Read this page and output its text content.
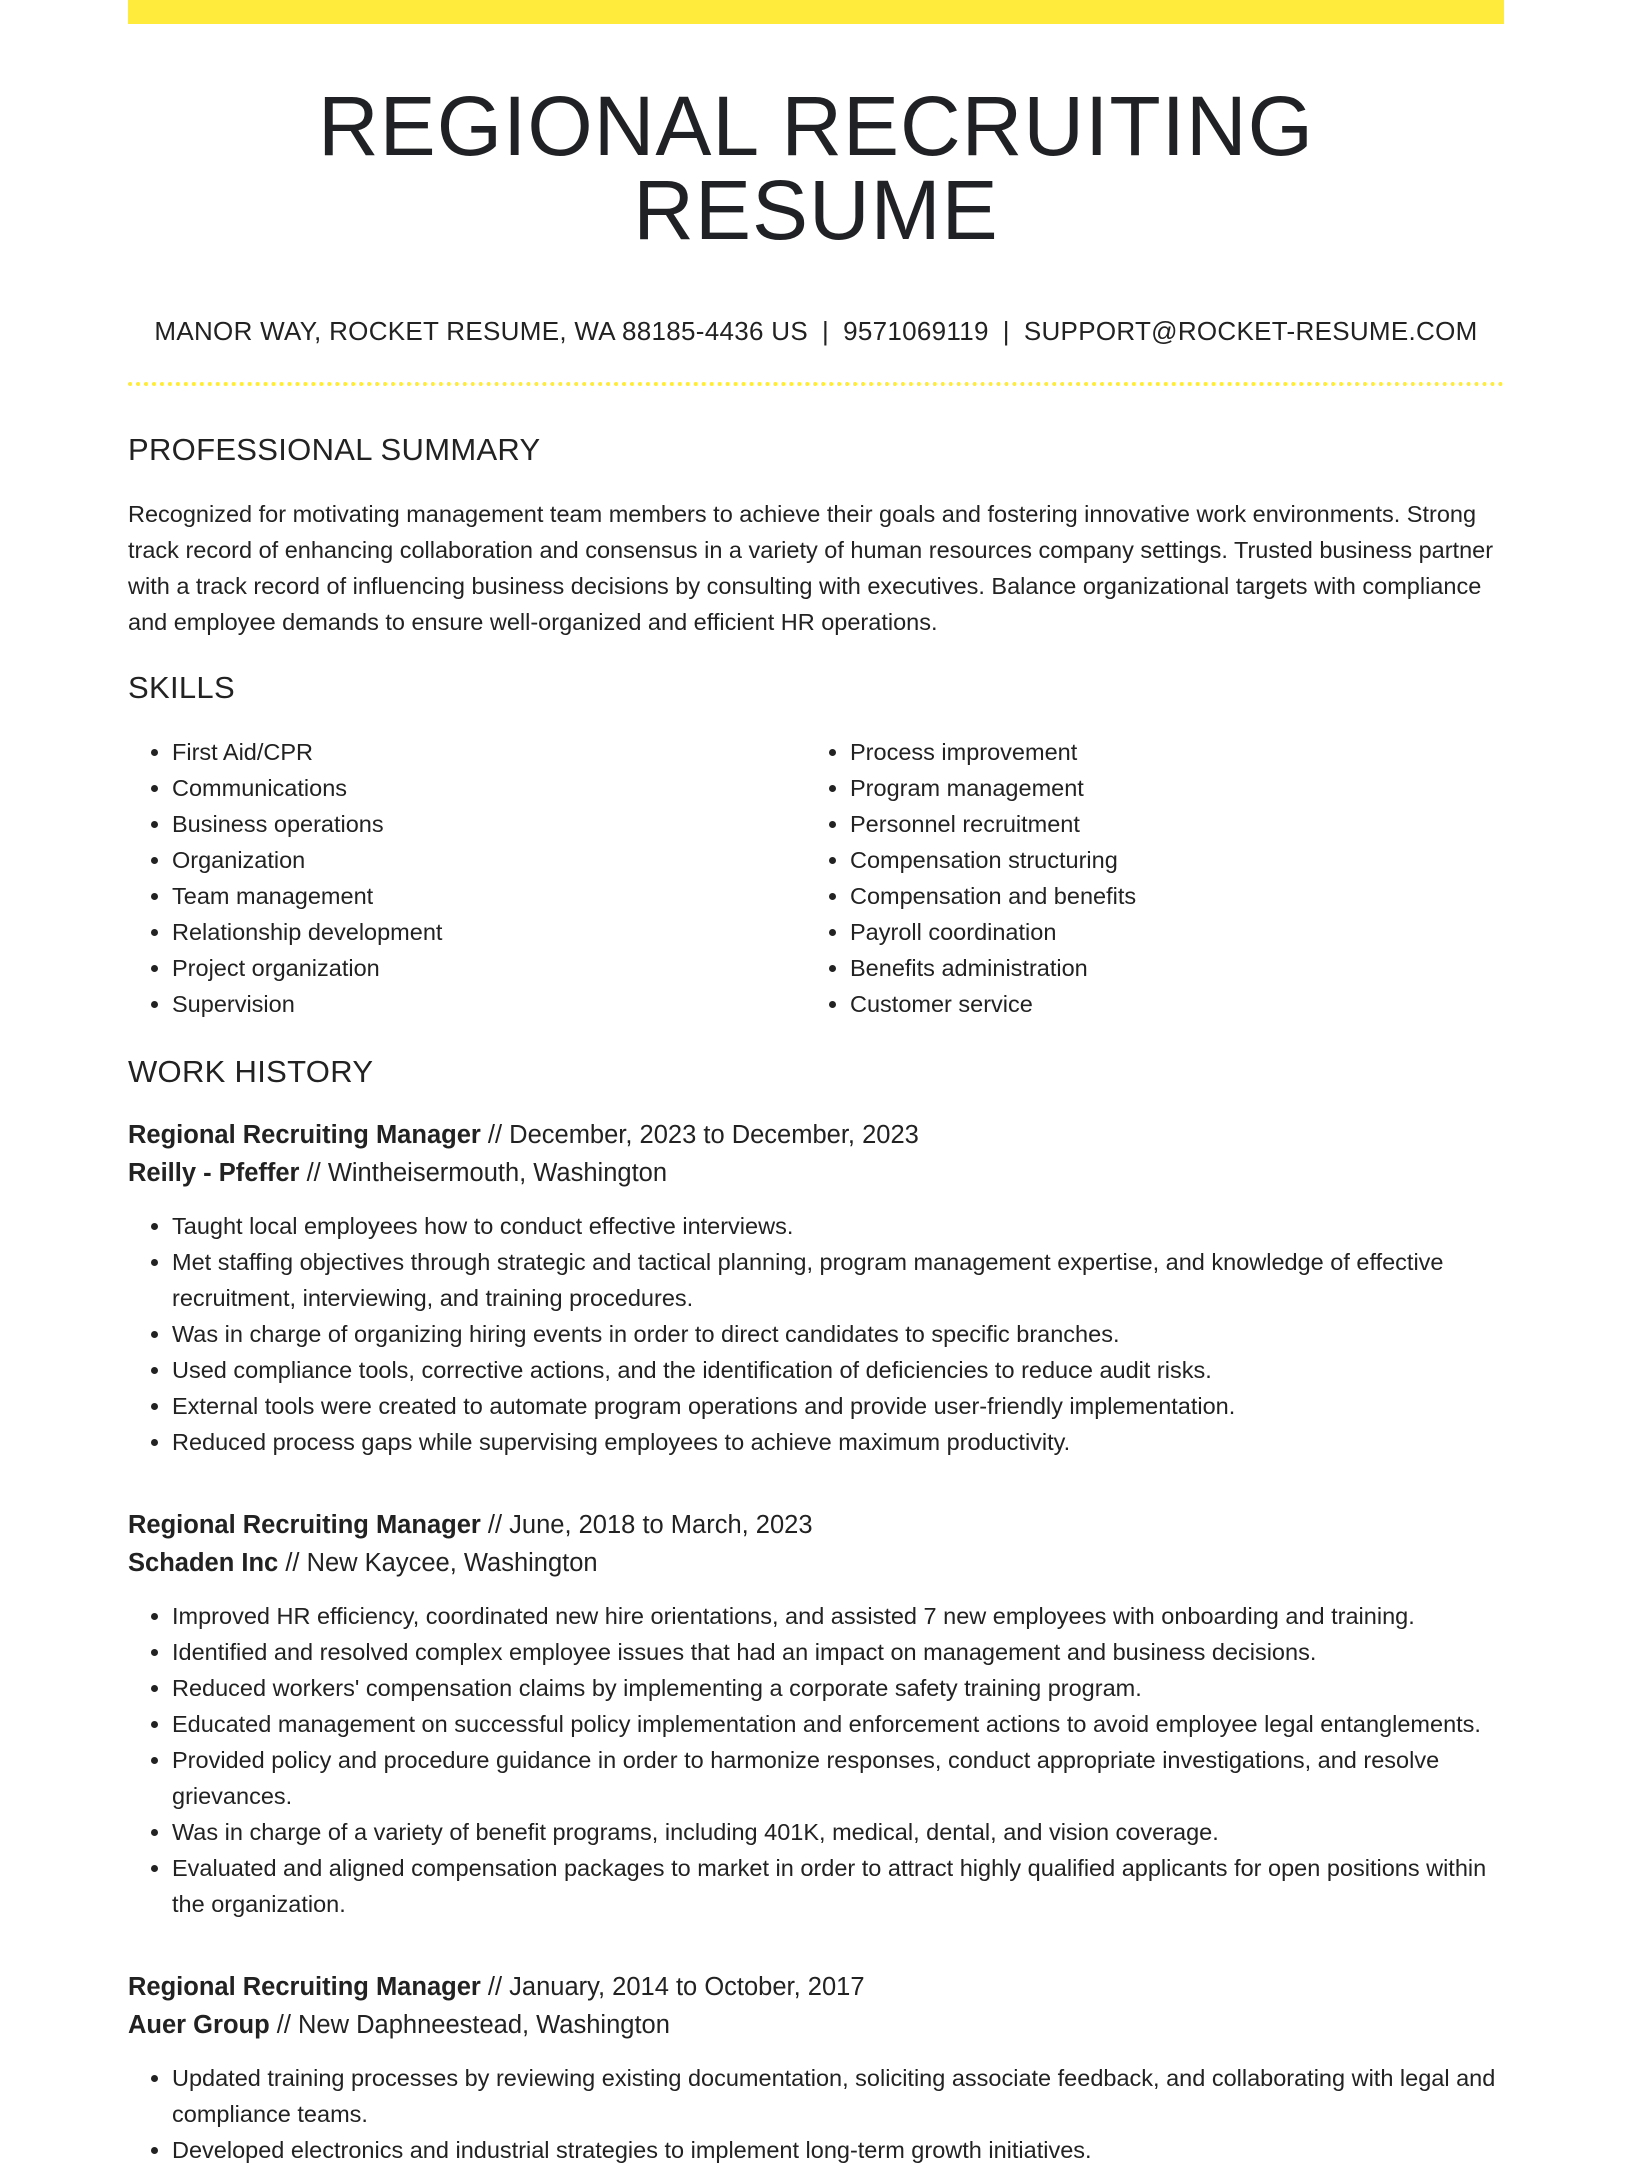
REGIONAL RECRUITING RESUME
MANOR WAY, ROCKET RESUME, WA 88185-4436 US | 9571069119 | SUPPORT@ROCKET-RESUME.COM
PROFESSIONAL SUMMARY
Recognized for motivating management team members to achieve their goals and fostering innovative work environments. Strong track record of enhancing collaboration and consensus in a variety of human resources company settings. Trusted business partner with a track record of influencing business decisions by consulting with executives. Balance organizational targets with compliance and employee demands to ensure well-organized and efficient HR operations.
SKILLS
• First Aid/CPR
• Communications
• Business operations
• Organization
• Team management
• Relationship development
• Project organization
• Supervision
• Process improvement
• Program management
• Personnel recruitment
• Compensation structuring
• Compensation and benefits
• Payroll coordination
• Benefits administration
• Customer service
WORK HISTORY
Regional Recruiting Manager // December, 2023 to December, 2023
Reilly - Pfeffer // Wintheisermouth, Washington
• Taught local employees how to conduct effective interviews.
• Met staffing objectives through strategic and tactical planning, program management expertise, and knowledge of effective recruitment, interviewing, and training procedures.
• Was in charge of organizing hiring events in order to direct candidates to specific branches.
• Used compliance tools, corrective actions, and the identification of deficiencies to reduce audit risks.
• External tools were created to automate program operations and provide user-friendly implementation.
• Reduced process gaps while supervising employees to achieve maximum productivity.
Regional Recruiting Manager // June, 2018 to March, 2023
Schaden Inc // New Kaycee, Washington
• Improved HR efficiency, coordinated new hire orientations, and assisted 7 new employees with onboarding and training.
• Identified and resolved complex employee issues that had an impact on management and business decisions.
• Reduced workers' compensation claims by implementing a corporate safety training program.
• Educated management on successful policy implementation and enforcement actions to avoid employee legal entanglements.
• Provided policy and procedure guidance in order to harmonize responses, conduct appropriate investigations, and resolve grievances.
• Was in charge of a variety of benefit programs, including 401K, medical, dental, and vision coverage.
• Evaluated and aligned compensation packages to market in order to attract highly qualified applicants for open positions within the organization.
Regional Recruiting Manager // January, 2014 to October, 2017
Auer Group // New Daphneestead, Washington
• Updated training processes by reviewing existing documentation, soliciting associate feedback, and collaborating with legal and compliance teams.
• Developed electronics and industrial strategies to implement long-term growth initiatives.
